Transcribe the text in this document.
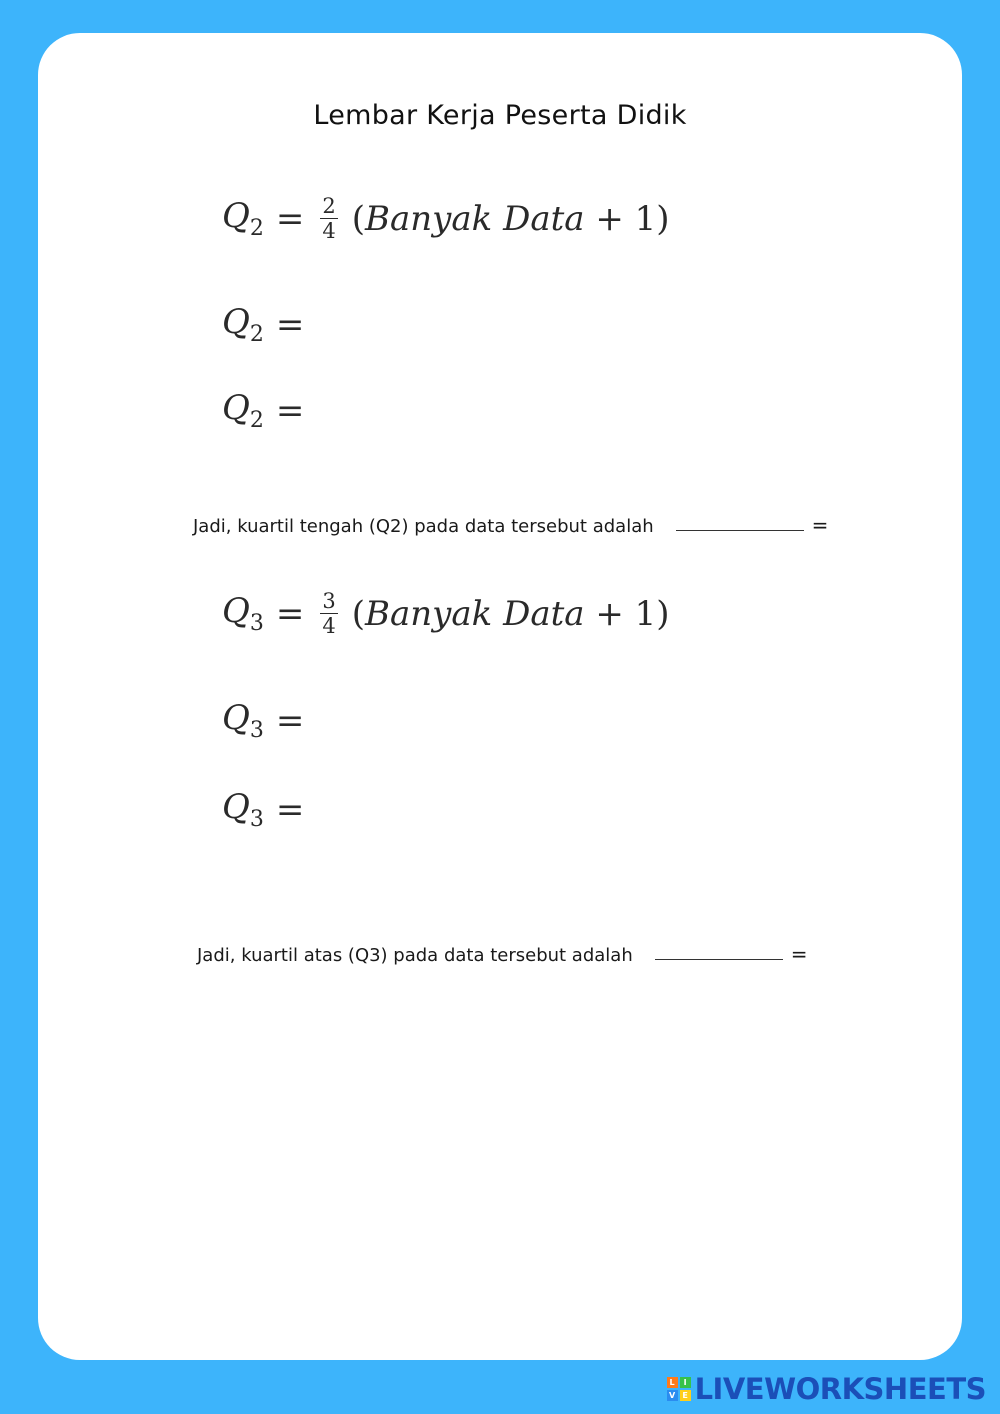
Lembar Kerja Peserta Didik
$Q_2 = \frac{2}{4}$ (Banyak Data + 1)
$Q_2$ =
$Q_2$ =
Jadi, kuartil tengah (Q2) pada data tersebut adalah	=
$Q_3 = \frac{3}{4}$ (Banyak Data + 1)
$Q_3$ =
$Q_3$ =
Jadi, kuartil atas (Q3) pada data tersebut adalah	=
L	I
V E LIVEWORKSHEETS
